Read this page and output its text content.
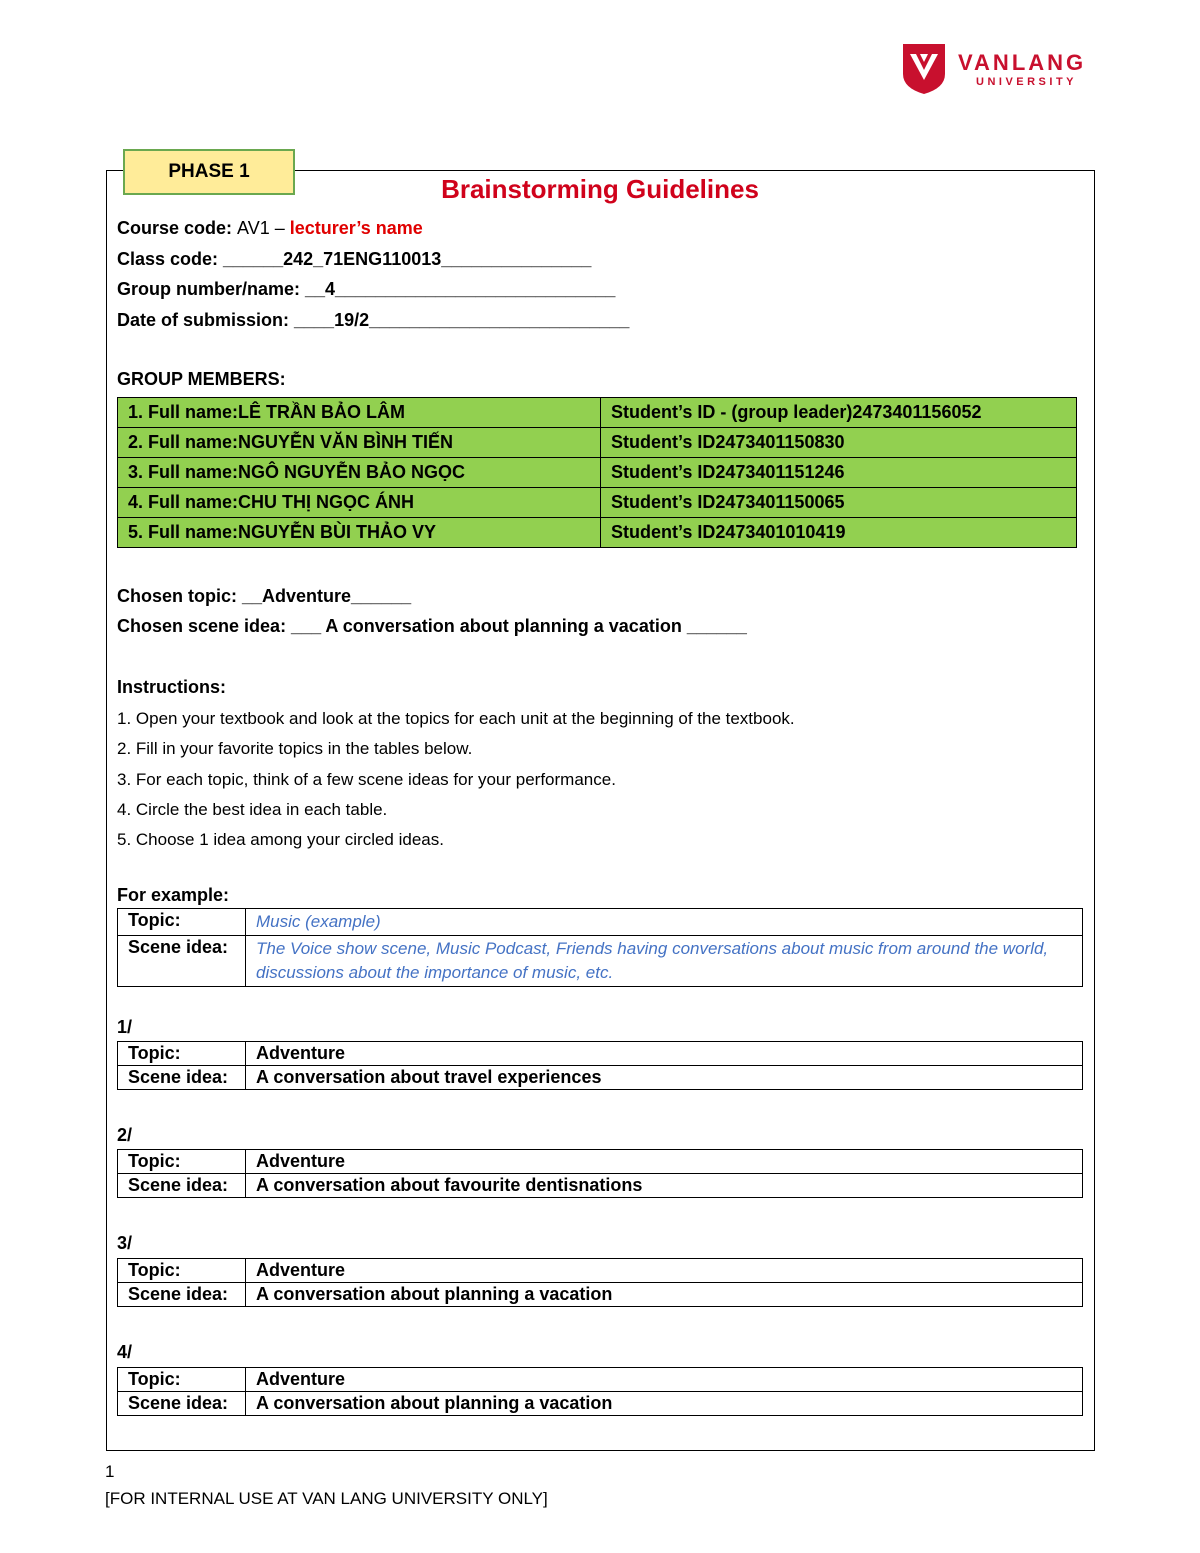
VANLANG
UNIVERSITY
PHASE 1
Brainstorming Guidelines
Course code: AV1 – lecturer’s name
Class code: ______242_71ENG110013_______________
Group number/name: __4____________________________
Date of submission: ____19/2__________________________
GROUP MEMBERS:
1. Full name:LÊ TRẦN BẢO LÂM	Student’s ID - (group leader)2473401156052
2. Full name:NGUYỄN VĂN BÌNH TIẾN	Student’s ID2473401150830
3. Full name:NGÔ NGUYỄN BẢO NGỌC	Student’s ID2473401151246
4. Full name:CHU THỊ NGỌC ÁNH	Student’s ID2473401150065
5. Full name:NGUYỄN BÙI THẢO VY	Student’s ID2473401010419
Chosen topic: __Adventure______
Chosen scene idea: ___ A conversation about planning a vacation ______
Instructions:
1. Open your textbook and look at the topics for each unit at the beginning of the textbook.
2. Fill in your favorite topics in the tables below.
3. For each topic, think of a few scene ideas for your performance.
4. Circle the best idea in each table.
5. Choose 1 idea among your circled ideas.
For example:
Topic:	Music (example)
Scene idea:	The Voice show scene, Music Podcast, Friends having conversations about music from around the world, discussions about the importance of music, etc.
1/
Topic:	Adventure
Scene idea:	A conversation about travel experiences
2/
Topic:	Adventure
Scene idea:	A conversation about favourite dentisnations
3/
Topic:	Adventure
Scene idea:	A conversation about planning a vacation
4/
Topic:	Adventure
Scene idea:	A conversation about planning a vacation
1
[FOR INTERNAL USE AT VAN LANG UNIVERSITY ONLY]
